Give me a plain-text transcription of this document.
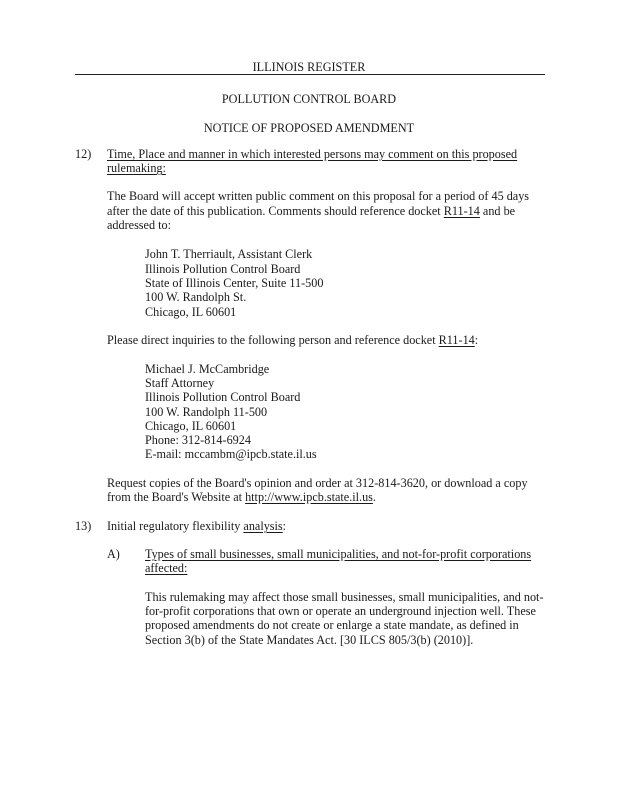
ILLINOIS REGISTER
POLLUTION CONTROL BOARD
NOTICE OF PROPOSED AMENDMENT
12) Time, Place and manner in which interested persons may comment on this proposed
rulemaking:
The Board will accept written public comment on this proposal for a period of 45 days
after the date of this publication. Comments should reference docket R11-14 and be
addressed to:
John T. Therriault, Assistant Clerk
Illinois Pollution Control Board
State of Illinois Center, Suite 11-500
100 W. Randolph St.
Chicago, IL 60601
Please direct inquiries to the following person and reference docket R11-14:
Michael J. McCambridge
Staff Attorney
Illinois Pollution Control Board
100 W. Randolph 11-500
Chicago, IL 60601
Phone: 312-814-6924
E-mail: mccambm@ipcb.state.il.us
Request copies of the Board's opinion and order at 312-814-3620, or download a copy
from the Board's Website at http://www.ipcb.state.il.us.
13) Initial regulatory flexibility analysis:
A) Types of small businesses, small municipalities, and not-for-profit corporations
affected:
This rulemaking may affect those small businesses, small municipalities, and not-
for-profit corporations that own or operate an underground injection well. These
proposed amendments do not create or enlarge a state mandate, as defined in
Section 3(b) of the State Mandates Act. [30 ILCS 805/3(b) (2010)].
